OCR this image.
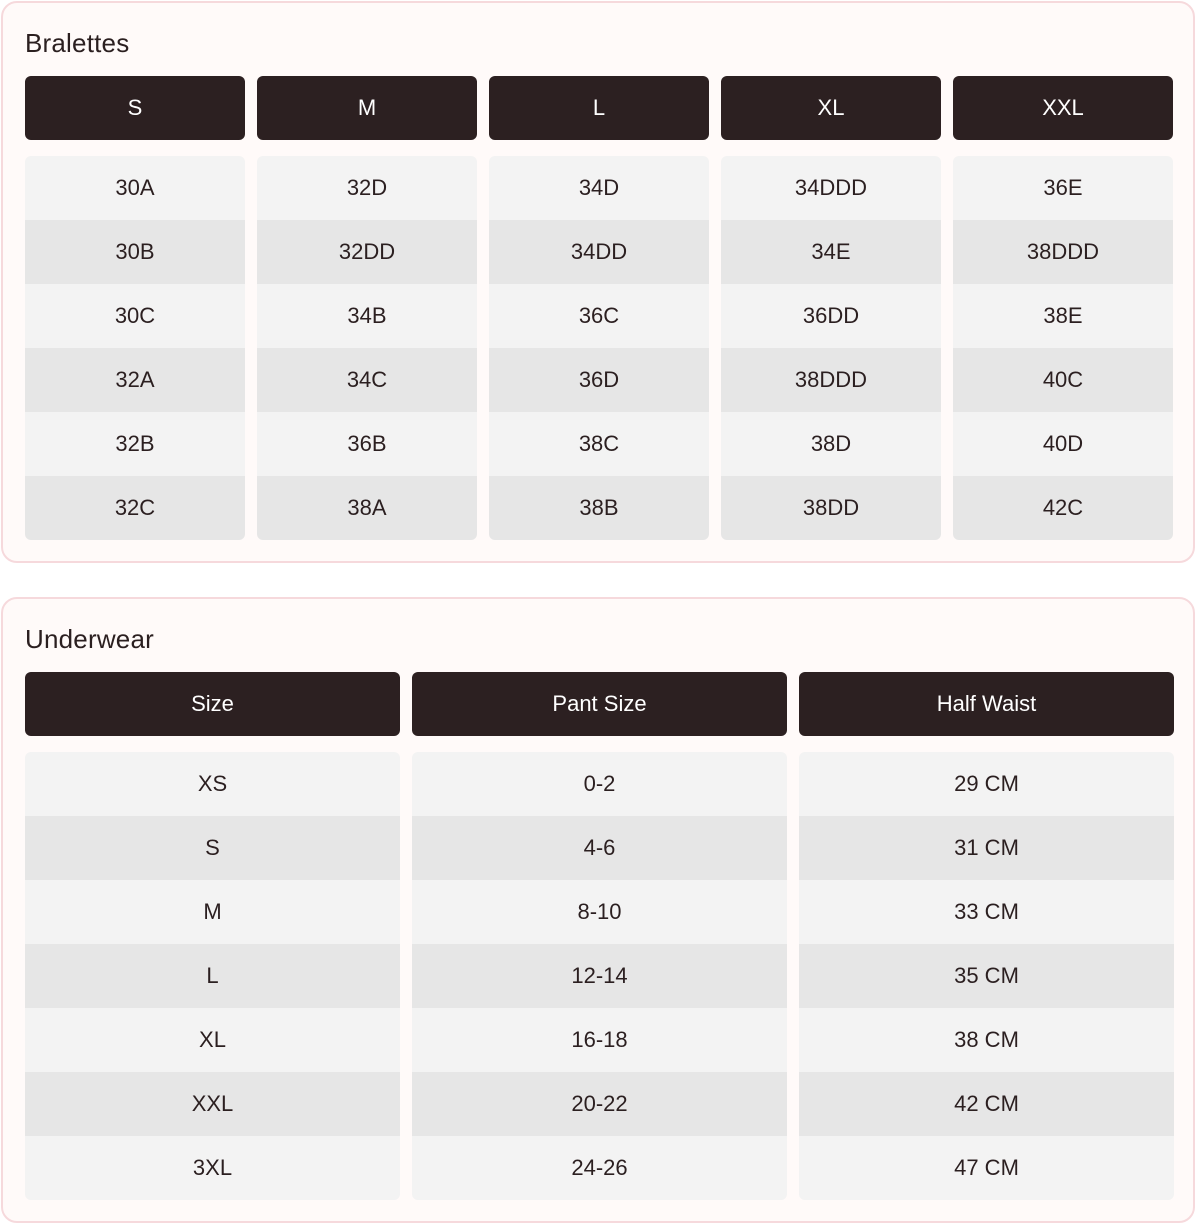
Bralettes
S
30A
30B
30C
32A
32B
32C
M
32D
32DD
34B
34C
36B
38A
L
34D
34DD
36C
36D
38C
38B
XL
34DDD
34E
36DD
38DDD
38D
38DD
XXL
36E
38DDD
38E
40C
40D
42C
Underwear
Size
XS
S
M
L
XL
XXL
3XL
Pant Size
0-2
4-6
8-10
12-14
16-18
20-22
24-26
Half Waist
29 CM
31 CM
33 CM
35 CM
38 CM
42 CM
47 CM
